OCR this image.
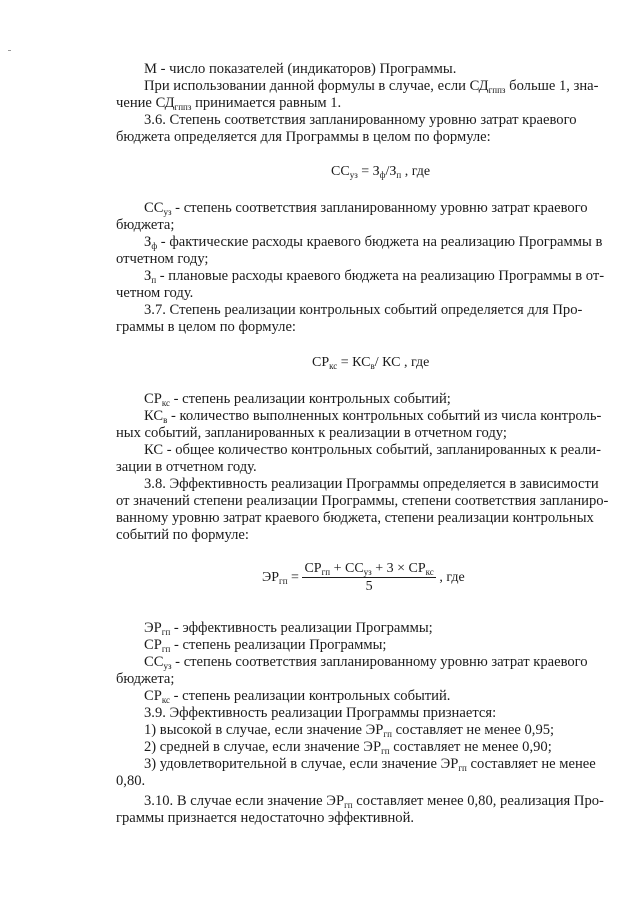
М - число показателей (индикаторов) Программы.
При использовании данной формулы в случае, если $СД_{гппз}$ больше 1, зна-
чение $СД_{гппз}$ принимается равным 1.
3.6. Степень соответствия запланированному уровню затрат краевого
бюджета определяется для Программы в целом по формуле:
$СС_{уз} = З_ф/З_п$ , где
$СС_{уз}$ - степень соответствия запланированному уровню затрат краевого
бюджета;
$З_ф$ - фактические расходы краевого бюджета на реализацию Программы в
отчетном году;
$З_п$ - плановые расходы краевого бюджета на реализацию Программы в от-
четном году.
3.7. Степень реализации контрольных событий определяется для Про-
граммы в целом по формуле:
$СР_{кс} = КС_в/$ КС , где
$СР_{кс}$ - степень реализации контрольных событий;
$КС_в$ - количество выполненных контрольных событий из числа контроль-
ных событий, запланированных к реализации в отчетном году;
КС - общее количество контрольных событий, запланированных к реали-
зации в отчетном году.
3.8. Эффективность реализации Программы определяется в зависимости
от значений степени реализации Программы, степени соответствия запланиро-
ванному уровню затрат краевого бюджета, степени реализации контрольных
событий по формуле:
$ЭР_{гп} = \frac{СР_{гп} + СС_{уз} + 3 \times СР_{кс}}{5}$ , где
$ЭР_{гп}$ - эффективность реализации Программы;
$СР_{гп}$ - степень реализации Программы;
$СС_{уз}$ - степень соответствия запланированному уровню затрат краевого
бюджета;
$СР_{кс}$ - степень реализации контрольных событий.
3.9. Эффективность реализации Программы признается:
1) высокой в случае, если значение $ЭР_{гп}$ составляет не менее 0,95;
2) средней в случае, если значение $ЭР_{гп}$ составляет не менее 0,90;
3) удовлетворительной в случае, если значение $ЭР_{гп}$ составляет не менее
0,80.
3.10. В случае если значение $ЭР_{гп}$ составляет менее 0,80, реализация Про-
граммы признается недостаточно эффективной.
